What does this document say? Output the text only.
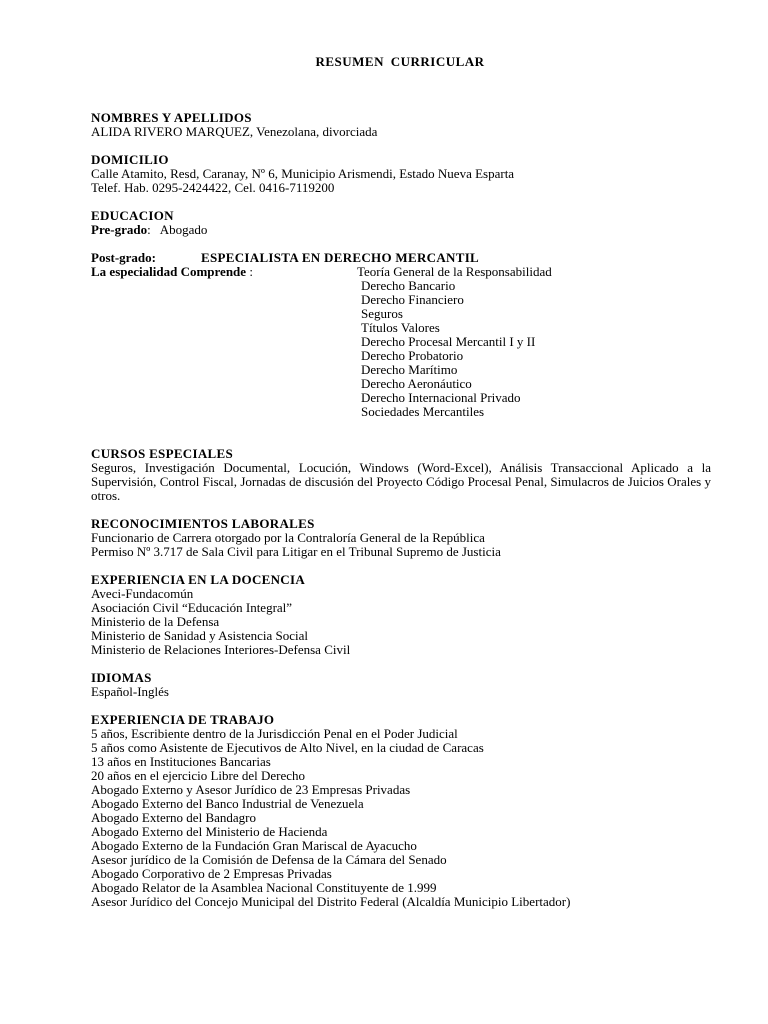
RESUMEN CURRICULAR
NOMBRES Y APELLIDOS
ALIDA RIVERO MARQUEZ, Venezolana, divorciada
DOMICILIO
Calle Atamito, Resd, Caranay, Nº 6, Municipio Arismendi, Estado Nueva Esparta
Telef. Hab. 0295-2424422, Cel. 0416-7119200
EDUCACION
Pre-grado: Abogado
Post-grado:	ESPECIALISTA EN DERECHO MERCANTIL
La especialidad Comprende :	Teoría General de la Responsabilidad
Derecho Bancario
Derecho Financiero
Seguros
Títulos Valores
Derecho Procesal Mercantil I y II
Derecho Probatorio
Derecho Marítimo
Derecho Aeronáutico
Derecho Internacional Privado
Sociedades Mercantiles
CURSOS ESPECIALES
Seguros, Investigación Documental, Locución, Windows (Word-Excel), Análisis Transaccional Aplicado a la Supervisión, Control Fiscal, Jornadas de discusión del Proyecto Código Procesal Penal, Simulacros de Juicios Orales y otros.
RECONOCIMIENTOS LABORALES
Funcionario de Carrera otorgado por la Contraloría General de la República
Permiso Nº 3.717 de Sala Civil para Litigar en el Tribunal Supremo de Justicia
EXPERIENCIA EN LA DOCENCIA
Aveci-Fundacomún
Asociación Civil “Educación Integral”
Ministerio de la Defensa
Ministerio de Sanidad y Asistencia Social
Ministerio de Relaciones Interiores-Defensa Civil
IDIOMAS
Español-Inglés
EXPERIENCIA DE TRABAJO
5 años, Escribiente dentro de la Jurisdicción Penal en el Poder Judicial
5 años como Asistente de Ejecutivos de Alto Nivel, en la ciudad de Caracas
13 años en Instituciones Bancarias
20 años en el ejercicio Libre del Derecho
Abogado Externo y Asesor Jurídico de 23 Empresas Privadas
Abogado Externo del Banco Industrial de Venezuela
Abogado Externo del Bandagro
Abogado Externo del Ministerio de Hacienda
Abogado Externo de la Fundación Gran Mariscal de Ayacucho
Asesor jurídico de la Comisión de Defensa de la Cámara del Senado
Abogado Corporativo de 2 Empresas Privadas
Abogado Relator de la Asamblea Nacional Constituyente de 1.999
Asesor Jurídico del Concejo Municipal del Distrito Federal (Alcaldía Municipio Libertador)
